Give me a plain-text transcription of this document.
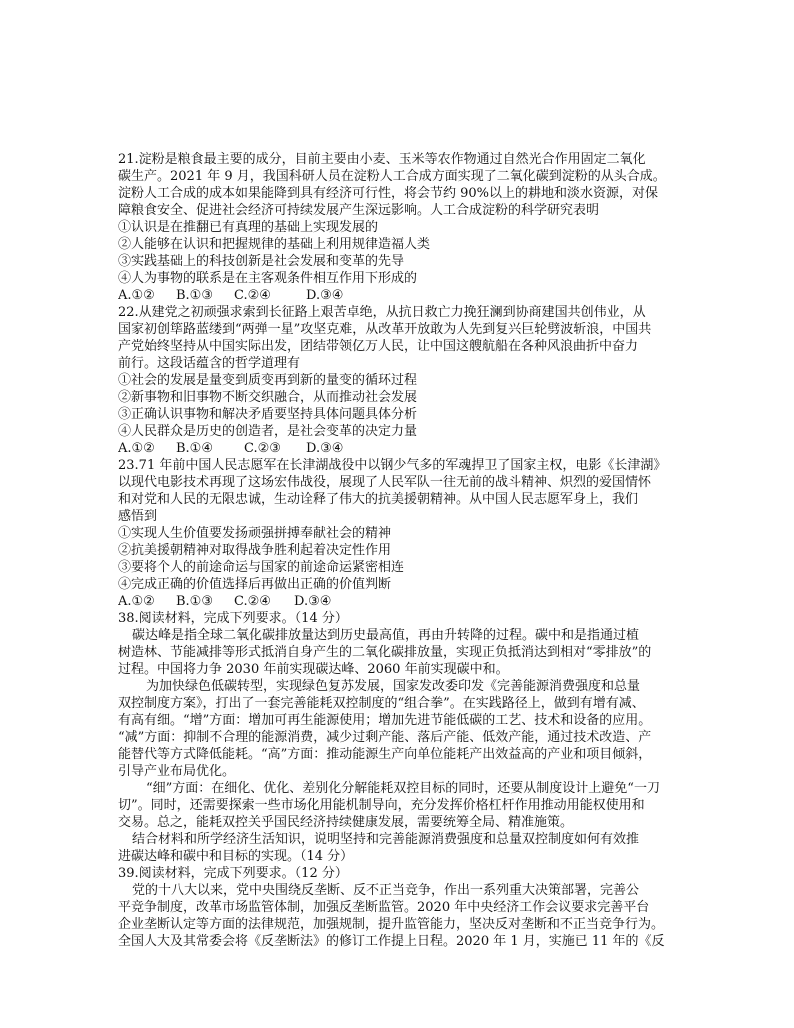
21.淀粉是粮食最主要的成分，目前主要由小麦、玉米等农作物通过自然光合作用固定二氧化
碳生产。2021 年 9 月，我国科研人员在淀粉人工合成方面实现了二氧化碳到淀粉的从头合成。
淀粉人工合成的成本如果能降到具有经济可行性，将会节约 90%以上的耕地和淡水资源，对保
障粮食安全、促进社会经济可持续发展产生深远影响。人工合成淀粉的科学研究表明
①认识是在推翻已有真理的基础上实现发展的
②人能够在认识和把握规律的基础上利用规律造福人类
③实践基础上的科技创新是社会发展和变革的先导
④人为事物的联系是在主客观条件相互作用下形成的
A.①② B.①③ C.②④	D.③④
22.从建党之初顽强求索到长征路上艰苦卓绝，从抗日救亡力挽狂澜到协商建国共创伟业，从
国家初创筚路蓝缕到“两弹一星”攻坚克难，从改革开放敢为人先到复兴巨轮劈波斩浪，中国共
产党始终坚持从中国实际出发，团结带领亿万人民，让中国这艘航船在各种风浪曲折中奋力
前行。这段话蕴含的哲学道理有
①社会的发展是量变到质变再到新的量变的循环过程
②新事物和旧事物不断交织融合，从而推动社会发展
③正确认识事物和解决矛盾要坚持具体问题具体分析
④人民群众是历史的创造者，是社会变革的决定力量
A.①② B.①④ C.②③ D.③④
23.71 年前中国人民志愿军在长津湖战役中以钢少气多的军魂捍卫了国家主权，电影《长津湖》
以现代电影技术再现了这场宏伟战役，展现了人民军队一往无前的战斗精神、炽烈的爱国情怀
和对党和人民的无限忠诚，生动诠释了伟大的抗美援朝精神。从中国人民志愿军身上，我们
感悟到
①实现人生价值要发扬顽强拼搏奉献社会的精神
②抗美援朝精神对取得战争胜利起着决定性作用
③要将个人的前途命运与国家的前途命运紧密相连
④完成正确的价值选择后再做出正确的价值判断
A.①② B.①③ C.②④ D.③④
38.阅读材料，完成下列要求。（14 分）
碳达峰是指全球二氧化碳排放量达到历史最高值，再由升转降的过程。碳中和是指通过植
树造林、节能减排等形式抵消自身产生的二氧化碳排放量，实现正负抵消达到相对“零排放”的
过程。中国将力争 2030 年前实现碳达峰、2060 年前实现碳中和。
为加快绿色低碳转型，实现绿色复苏发展，国家发改委印发《完善能源消费强度和总量
双控制度方案》，打出了一套完善能耗双控制度的“组合拳”。在实践路径上，做到有增有减、
有高有细。“增”方面：增加可再生能源使用；增加先进节能低碳的工艺、技术和设备的应用。
“减”方面：抑制不合理的能源消费，减少过剩产能、落后产能、低效产能，通过技术改造、产
能替代等方式降低能耗。“高”方面：推动能源生产向单位能耗产出效益高的产业和项目倾斜，
引导产业布局优化。
“细”方面：在细化、优化、差别化分解能耗双控目标的同时，还要从制度设计上避免“一刀
切”。同时，还需要探索一些市场化用能机制导向，充分发挥价格杠杆作用推动用能权使用和
交易。总之，能耗双控关乎国民经济持续健康发展，需要统筹全局、精准施策。
结合材料和所学经济生活知识，说明坚持和完善能源消费强度和总量双控制度如何有效推
进碳达峰和碳中和目标的实现。（14 分）
39.阅读材料，完成下列要求。（12 分）
党的十八大以来，党中央围绕反垄断、反不正当竞争，作出一系列重大决策部署，完善公
平竞争制度，改革市场监管体制，加强反垄断监管。2020 年中央经济工作会议要求完善平台
企业垄断认定等方面的法律规范，加强规制，提升监管能力，坚决反对垄断和不正当竞争行为。
全国人大及其常委会将《反垄断法》的修订工作提上日程。2020 年 1 月，实施已 11 年的《反
